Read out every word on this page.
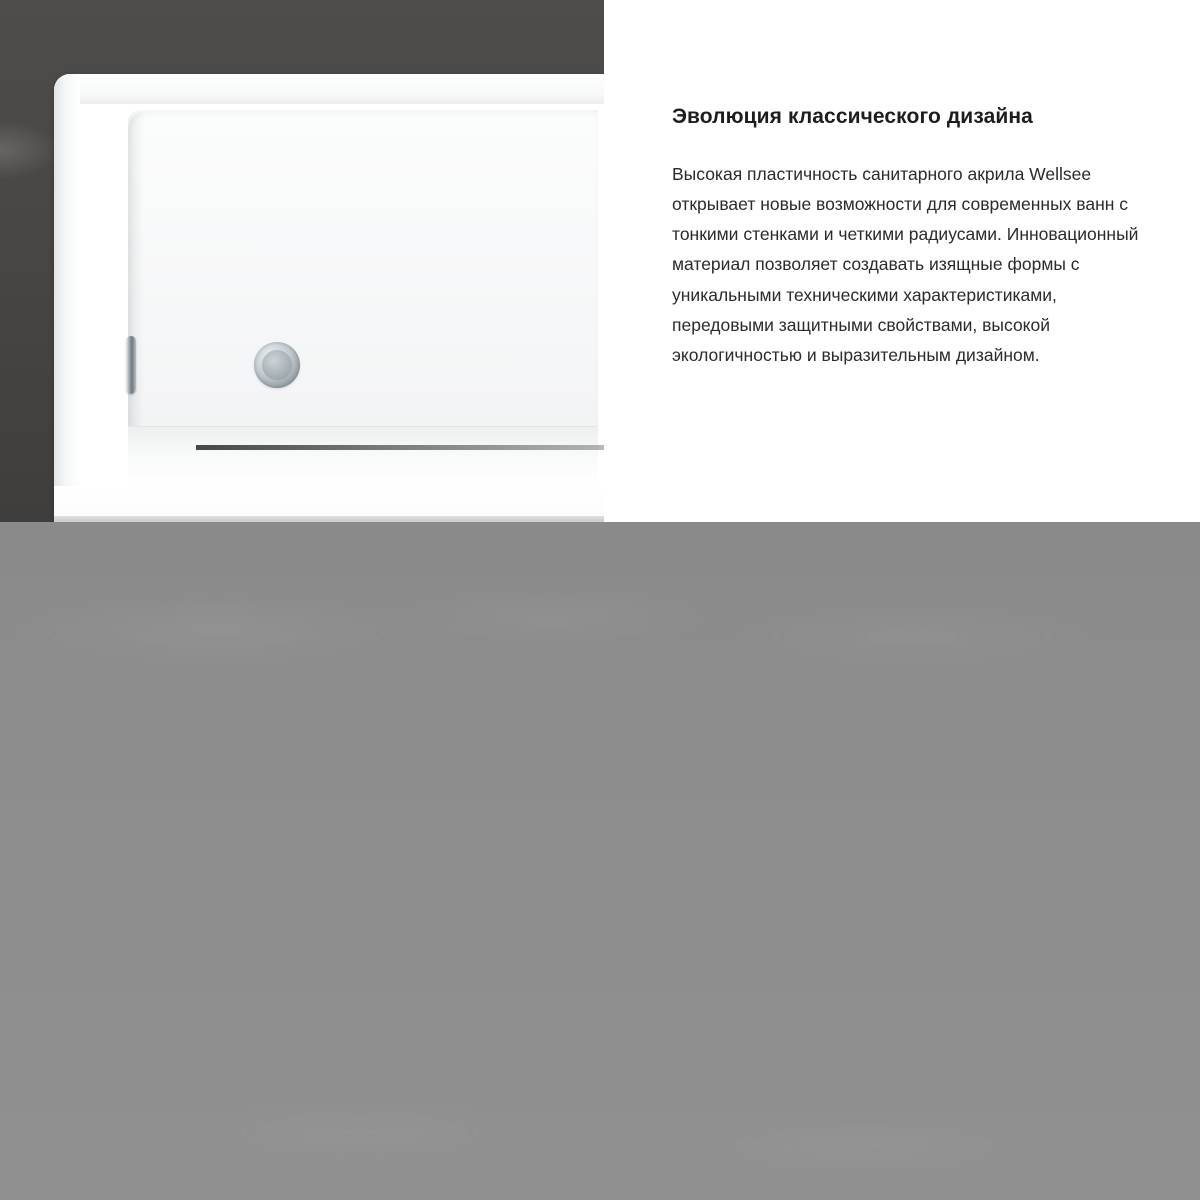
Эволюция классического дизайна

Высокая пластичность санитарного акрила Wellsee открывает новые возможности для современных ванн с тонкими стенками и четкими радиусами. Инновационный материал позволяет создавать изящные формы с уникальными техническими характеристиками, передовыми защитными свойствами, высокой экологичностью и выразительным дизайном.
